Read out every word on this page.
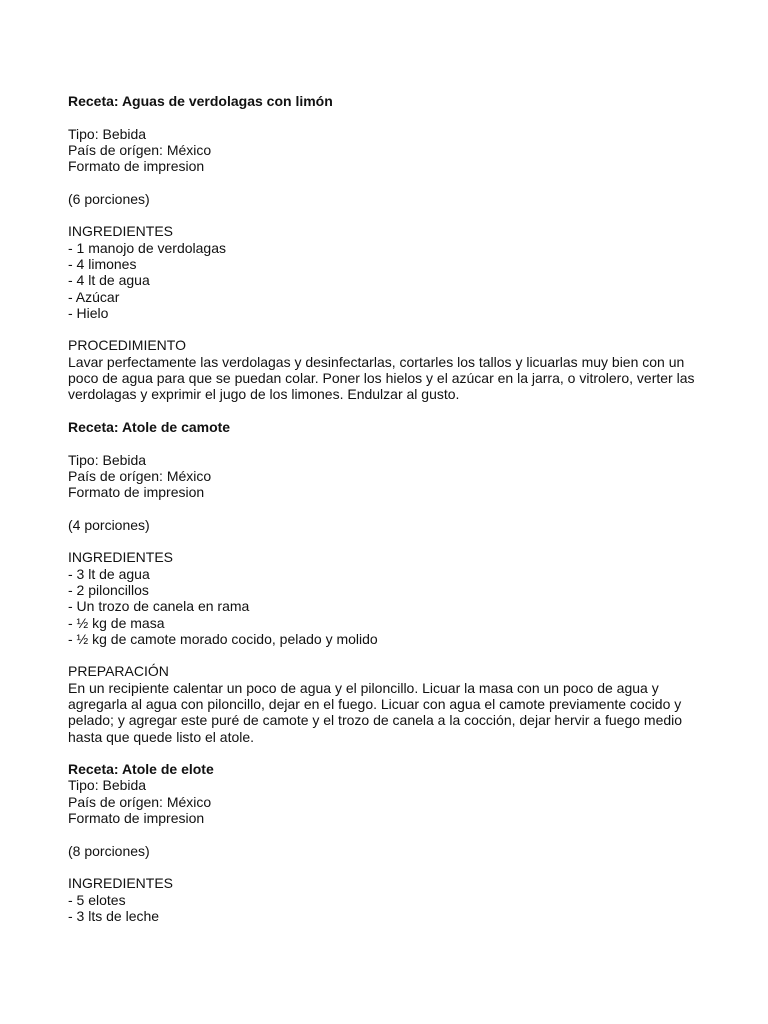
Receta: Aguas de verdolagas con limón

Tipo: Bebida

País de orígen: México

Formato de impresion

(6 porciones)

INGREDIENTES

- 1 manojo de verdolagas

- 4 limones

- 4 lt de agua

- Azúcar

- Hielo

PROCEDIMIENTO

Lavar perfectamente las verdolagas y desinfectarlas, cortarles los tallos y licuarlas muy bien con un poco de agua para que se puedan colar. Poner los hielos y el azúcar en la jarra, o vitrolero, verter las verdolagas y exprimir el jugo de los limones. Endulzar al gusto.

Receta: Atole de camote

Tipo: Bebida

País de orígen: México

Formato de impresion

(4 porciones)

INGREDIENTES

- 3 lt de agua

- 2 piloncillos

- Un trozo de canela en rama

- ½ kg de masa

- ½ kg de camote morado cocido, pelado y molido

PREPARACIÓN

En un recipiente calentar un poco de agua y el piloncillo. Licuar la masa con un poco de agua y agregarla al agua con piloncillo, dejar en el fuego. Licuar con agua el camote previamente cocido y pelado; y agregar este puré de camote y el trozo de canela a la cocción, dejar hervir a fuego medio hasta que quede listo el atole.

Receta: Atole de elote

Tipo: Bebida

País de orígen: México

Formato de impresion

(8 porciones)

INGREDIENTES

- 5 elotes

- 3 lts de leche
